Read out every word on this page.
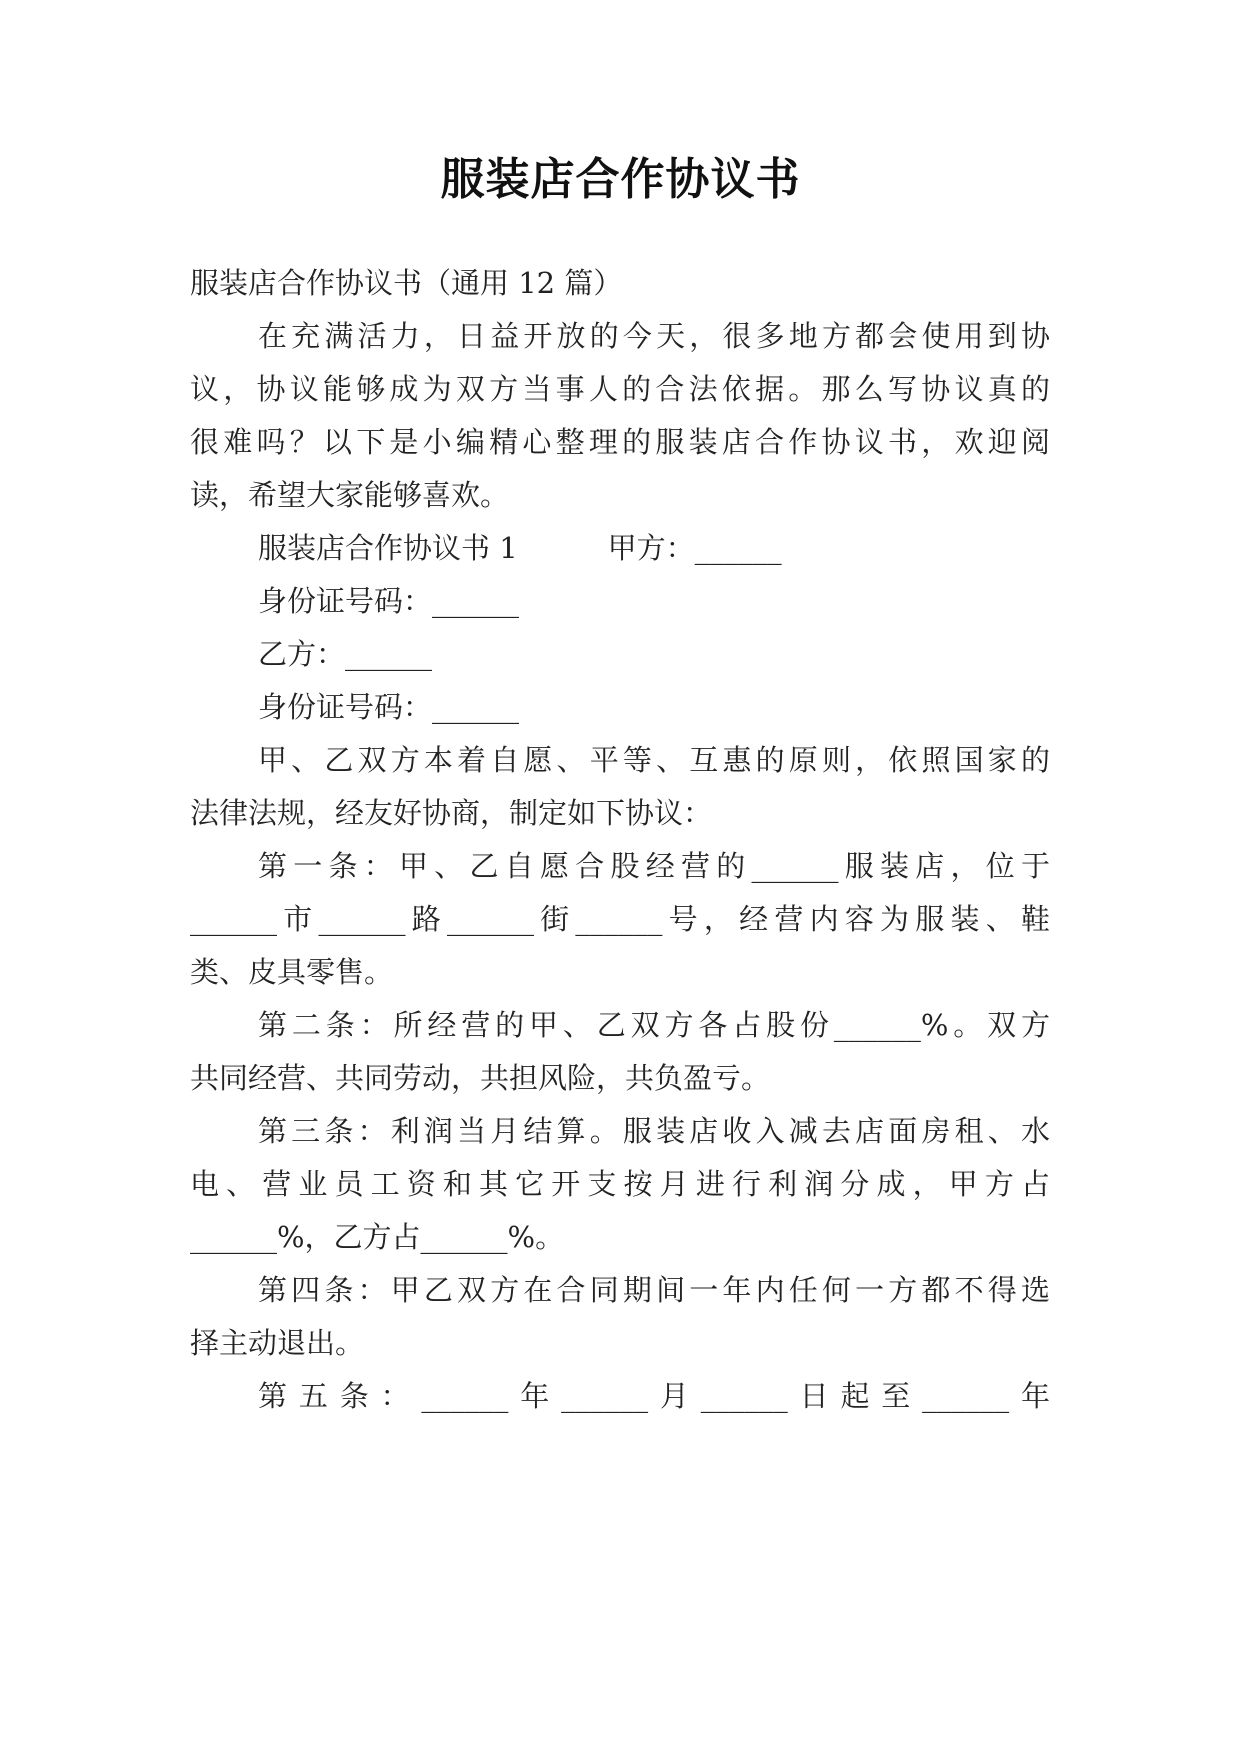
服装店合作协议书
服装店合作协议书（通用 12 篇）
在充满活力，日益开放的今天，很多地方都会使用到协
议，协议能够成为双方当事人的合法依据。那么写协议真的
很难吗？以下是小编精心整理的服装店合作协议书，欢迎阅
读，希望大家能够喜欢。
服装店合作协议书 1	甲方：______
身份证号码：______
乙方：______
身份证号码：______
甲、乙双方本着自愿、平等、互惠的原则，依照国家的
法律法规，经友好协商，制定如下协议：
第一条：甲、乙自愿合股经营的______服装店，位于
______市______路______街______号，经营内容为服装、鞋
类、皮具零售。
第二条：所经营的甲、乙双方各占股份______%。双方
共同经营、共同劳动，共担风险，共负盈亏。
第三条：利润当月结算。服装店收入减去店面房租、水
电、营业员工资和其它开支按月进行利润分成，甲方占
______%，乙方占______%。
第四条：甲乙双方在合同期间一年内任何一方都不得选
择主动退出。
第五条：______年______月______日起至______年
